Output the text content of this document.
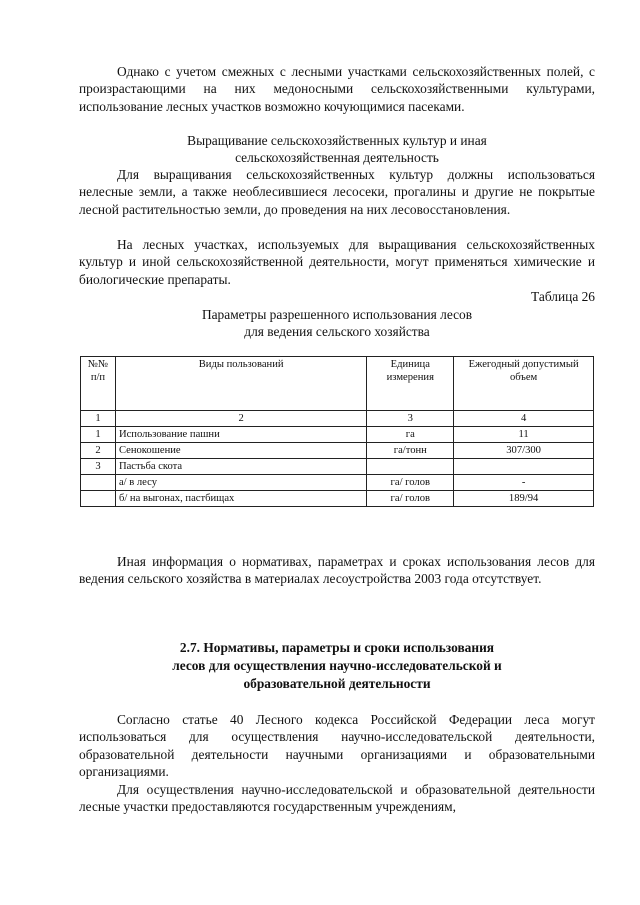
Однако с учетом смежных с лесными участками сельскохозяйственных полей, с произрастающими на них медоносными сельскохозяйственными культурами, использование лесных участков возможно кочующимися пасеками.

Выращивание сельскохозяйственных культур и иная

сельскохозяйственная деятельность

Для выращивания сельскохозяйственных культур должны использоваться нелесные земли, а также необлесившиеся лесосеки, прогалины и другие не покрытые лесной растительностью земли, до проведения на них лесовосстановления.

На лесных участках, используемых для выращивания сельскохозяйственных культур и иной сельскохозяйственной деятельности, могут применяться химические и биологические препараты.

Таблица 26

Параметры разрешенного использования лесов

для ведения сельского хозяйства

№№ п/п	Виды пользований	Единица измерения	Ежегодный допустимый объем
1	2	3	4
1	Использование пашни	га	11
2	Сенокошение	га/тонн	307/300
3	Пастьба скота		
	а/ в лесу	га/ голов	-
	б/ на выгонах, пастбищах	га/ голов	189/94

Иная информация о нормативах, параметрах и сроках использования лесов для ведения сельского хозяйства в материалах лесоустройства 2003 года отсутствует.

2.7. Нормативы, параметры и сроки использования

лесов для осуществления научно-исследовательской и

образовательной деятельности

Согласно статье 40 Лесного кодекса Российской Федерации леса могут использоваться для осуществления научно-исследовательской деятельности, образовательной деятельности научными организациями и образовательными организациями.

Для осуществления научно-исследовательской и образовательной деятельности лесные участки предоставляются государственным учреждениям,
